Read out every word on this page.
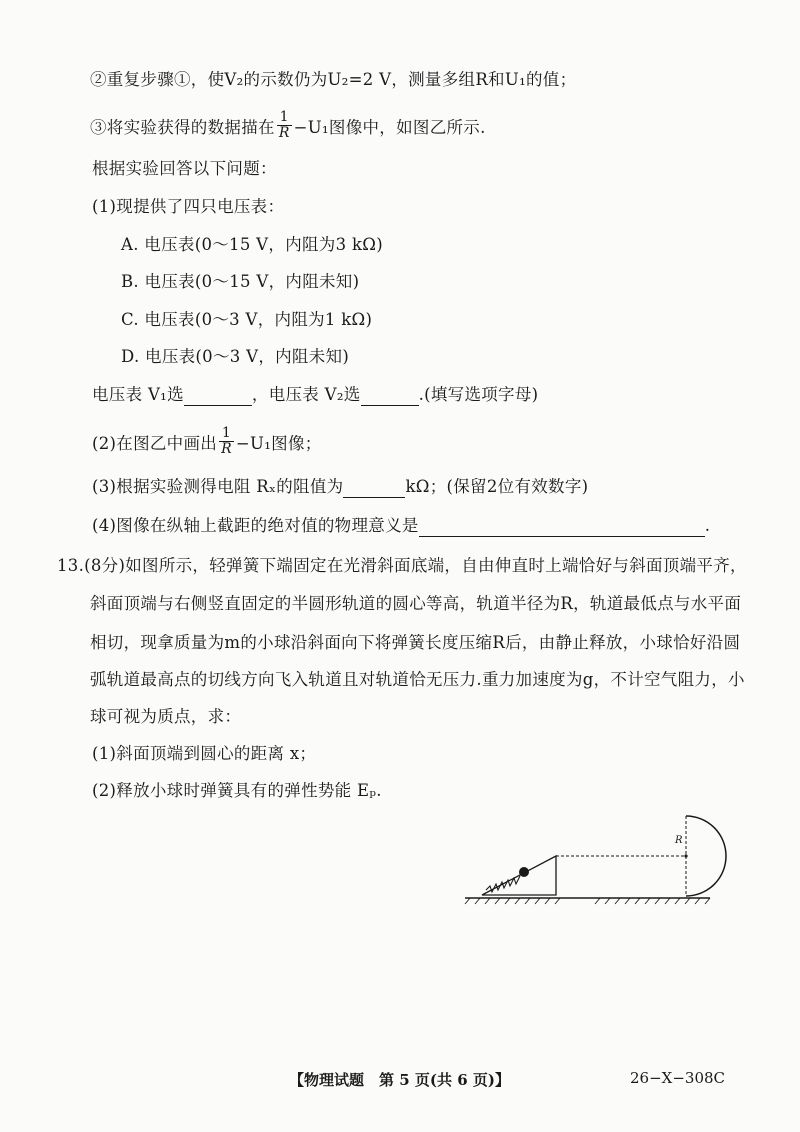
②重复步骤①，使V₂的示数仍为U₂=2 V，测量多组R和U₁的值；
③将实验获得的数据描在 $\frac{1}{R} -U_1$图像中，如图乙所示.
根据实验回答以下问题：
(1)现提供了四只电压表：
A. 电压表(0～15 V，内阻为3 kΩ)
B. 电压表(0～15 V，内阻未知)
C. 电压表(0～3 V，内阻为1 kΩ)
D. 电压表(0～3 V，内阻未知)
电压表 V₁选	，电压表 V₂选	.(填写选项字母)
(2)在图乙中画出 $\frac{1}{R} -U_1$图像；
(3)根据实验测得电阻 Rₓ的阻值为	kΩ；(保留2位有效数字)
(4)图像在纵轴上截距的绝对值的物理意义是	.
13.(8分)如图所示，轻弹簧下端固定在光滑斜面底端，自由伸直时上端恰好与斜面顶端平齐，
斜面顶端与右侧竖直固定的半圆形轨道的圆心等高，轨道半径为R，轨道最低点与水平面
相切，现拿质量为m的小球沿斜面向下将弹簧长度压缩R后，由静止释放，小球恰好沿圆
弧轨道最高点的切线方向飞入轨道且对轨道恰无压力.重力加速度为g，不计空气阻力，小
球可视为质点，求：
(1)斜面顶端到圆心的距离 x；
(2)释放小球时弹簧具有的弹性势能 Eₚ.
R
【物理试题　第 5 页(共 6 页)】	26−X−308C
